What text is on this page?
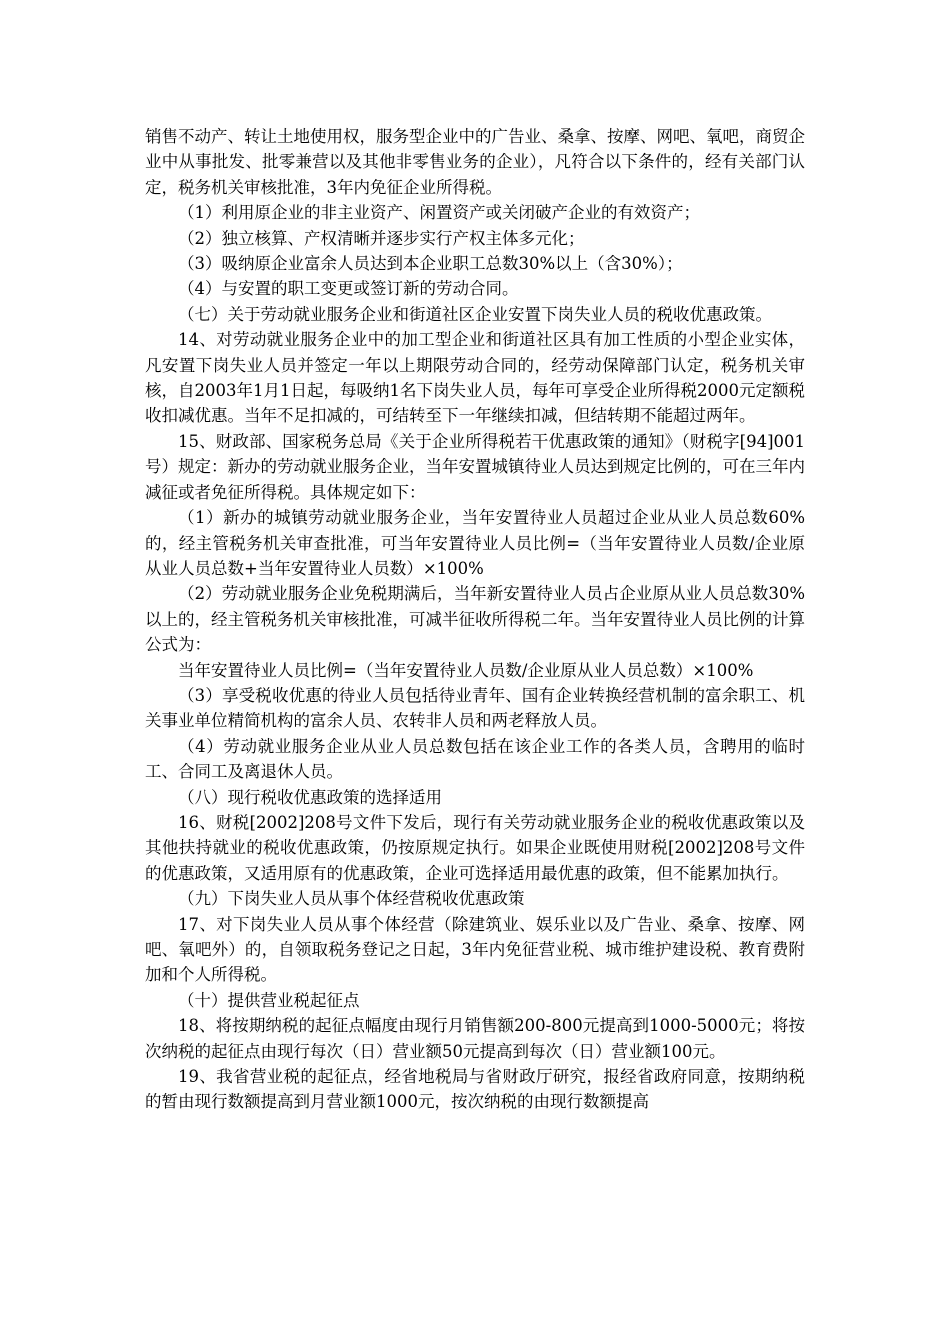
销售不动产、转让土地使用权，服务型企业中的广告业、桑拿、按摩、网吧、氧吧，商贸企业中从事批发、批零兼营以及其他非零售业务的企业），凡符合以下条件的，经有关部门认定，税务机关审核批准，3年内免征企业所得税。

（1）利用原企业的非主业资产、闲置资产或关闭破产企业的有效资产；

（2）独立核算、产权清晰并逐步实行产权主体多元化；

（3）吸纳原企业富余人员达到本企业职工总数30%以上（含30%）；

（4）与安置的职工变更或签订新的劳动合同。

（七）关于劳动就业服务企业和街道社区企业安置下岗失业人员的税收优惠政策。

14、对劳动就业服务企业中的加工型企业和街道社区具有加工性质的小型企业实体，凡安置下岗失业人员并签定一年以上期限劳动合同的，经劳动保障部门认定，税务机关审核，自2003年1月1日起，每吸纳1名下岗失业人员，每年可享受企业所得税2000元定额税收扣减优惠。当年不足扣减的，可结转至下一年继续扣减，但结转期不能超过两年。

15、财政部、国家税务总局《关于企业所得税若干优惠政策的通知》（财税字[94]001号）规定：新办的劳动就业服务企业，当年安置城镇待业人员达到规定比例的，可在三年内减征或者免征所得税。具体规定如下：

（1）新办的城镇劳动就业服务企业，当年安置待业人员超过企业从业人员总数60%的，经主管税务机关审查批准，可当年安置待业人员比例=（当年安置待业人员数/企业原从业人员总数+当年安置待业人员数）×100%

（2）劳动就业服务企业免税期满后，当年新安置待业人员占企业原从业人员总数30%以上的，经主管税务机关审核批准，可减半征收所得税二年。当年安置待业人员比例的计算公式为：

当年安置待业人员比例=（当年安置待业人员数/企业原从业人员总数）×100%

（3）享受税收优惠的待业人员包括待业青年、国有企业转换经营机制的富余职工、机关事业单位精简机构的富余人员、农转非人员和两老释放人员。

（4）劳动就业服务企业从业人员总数包括在该企业工作的各类人员，含聘用的临时工、合同工及离退休人员。

（八）现行税收优惠政策的选择适用

16、财税[2002]208号文件下发后，现行有关劳动就业服务企业的税收优惠政策以及其他扶持就业的税收优惠政策，仍按原规定执行。如果企业既使用财税[2002]208号文件的优惠政策，又适用原有的优惠政策，企业可选择适用最优惠的政策，但不能累加执行。

（九）下岗失业人员从事个体经营税收优惠政策

17、对下岗失业人员从事个体经营（除建筑业、娱乐业以及广告业、桑拿、按摩、网吧、氧吧外）的，自领取税务登记之日起，3年内免征营业税、城市维护建设税、教育费附加和个人所得税。

（十）提供营业税起征点

18、将按期纳税的起征点幅度由现行月销售额200-800元提高到1000-5000元；将按次纳税的起征点由现行每次（日）营业额50元提高到每次（日）营业额100元。

19、我省营业税的起征点，经省地税局与省财政厅研究，报经省政府同意，按期纳税的暂由现行数额提高到月营业额1000元，按次纳税的由现行数额提高
